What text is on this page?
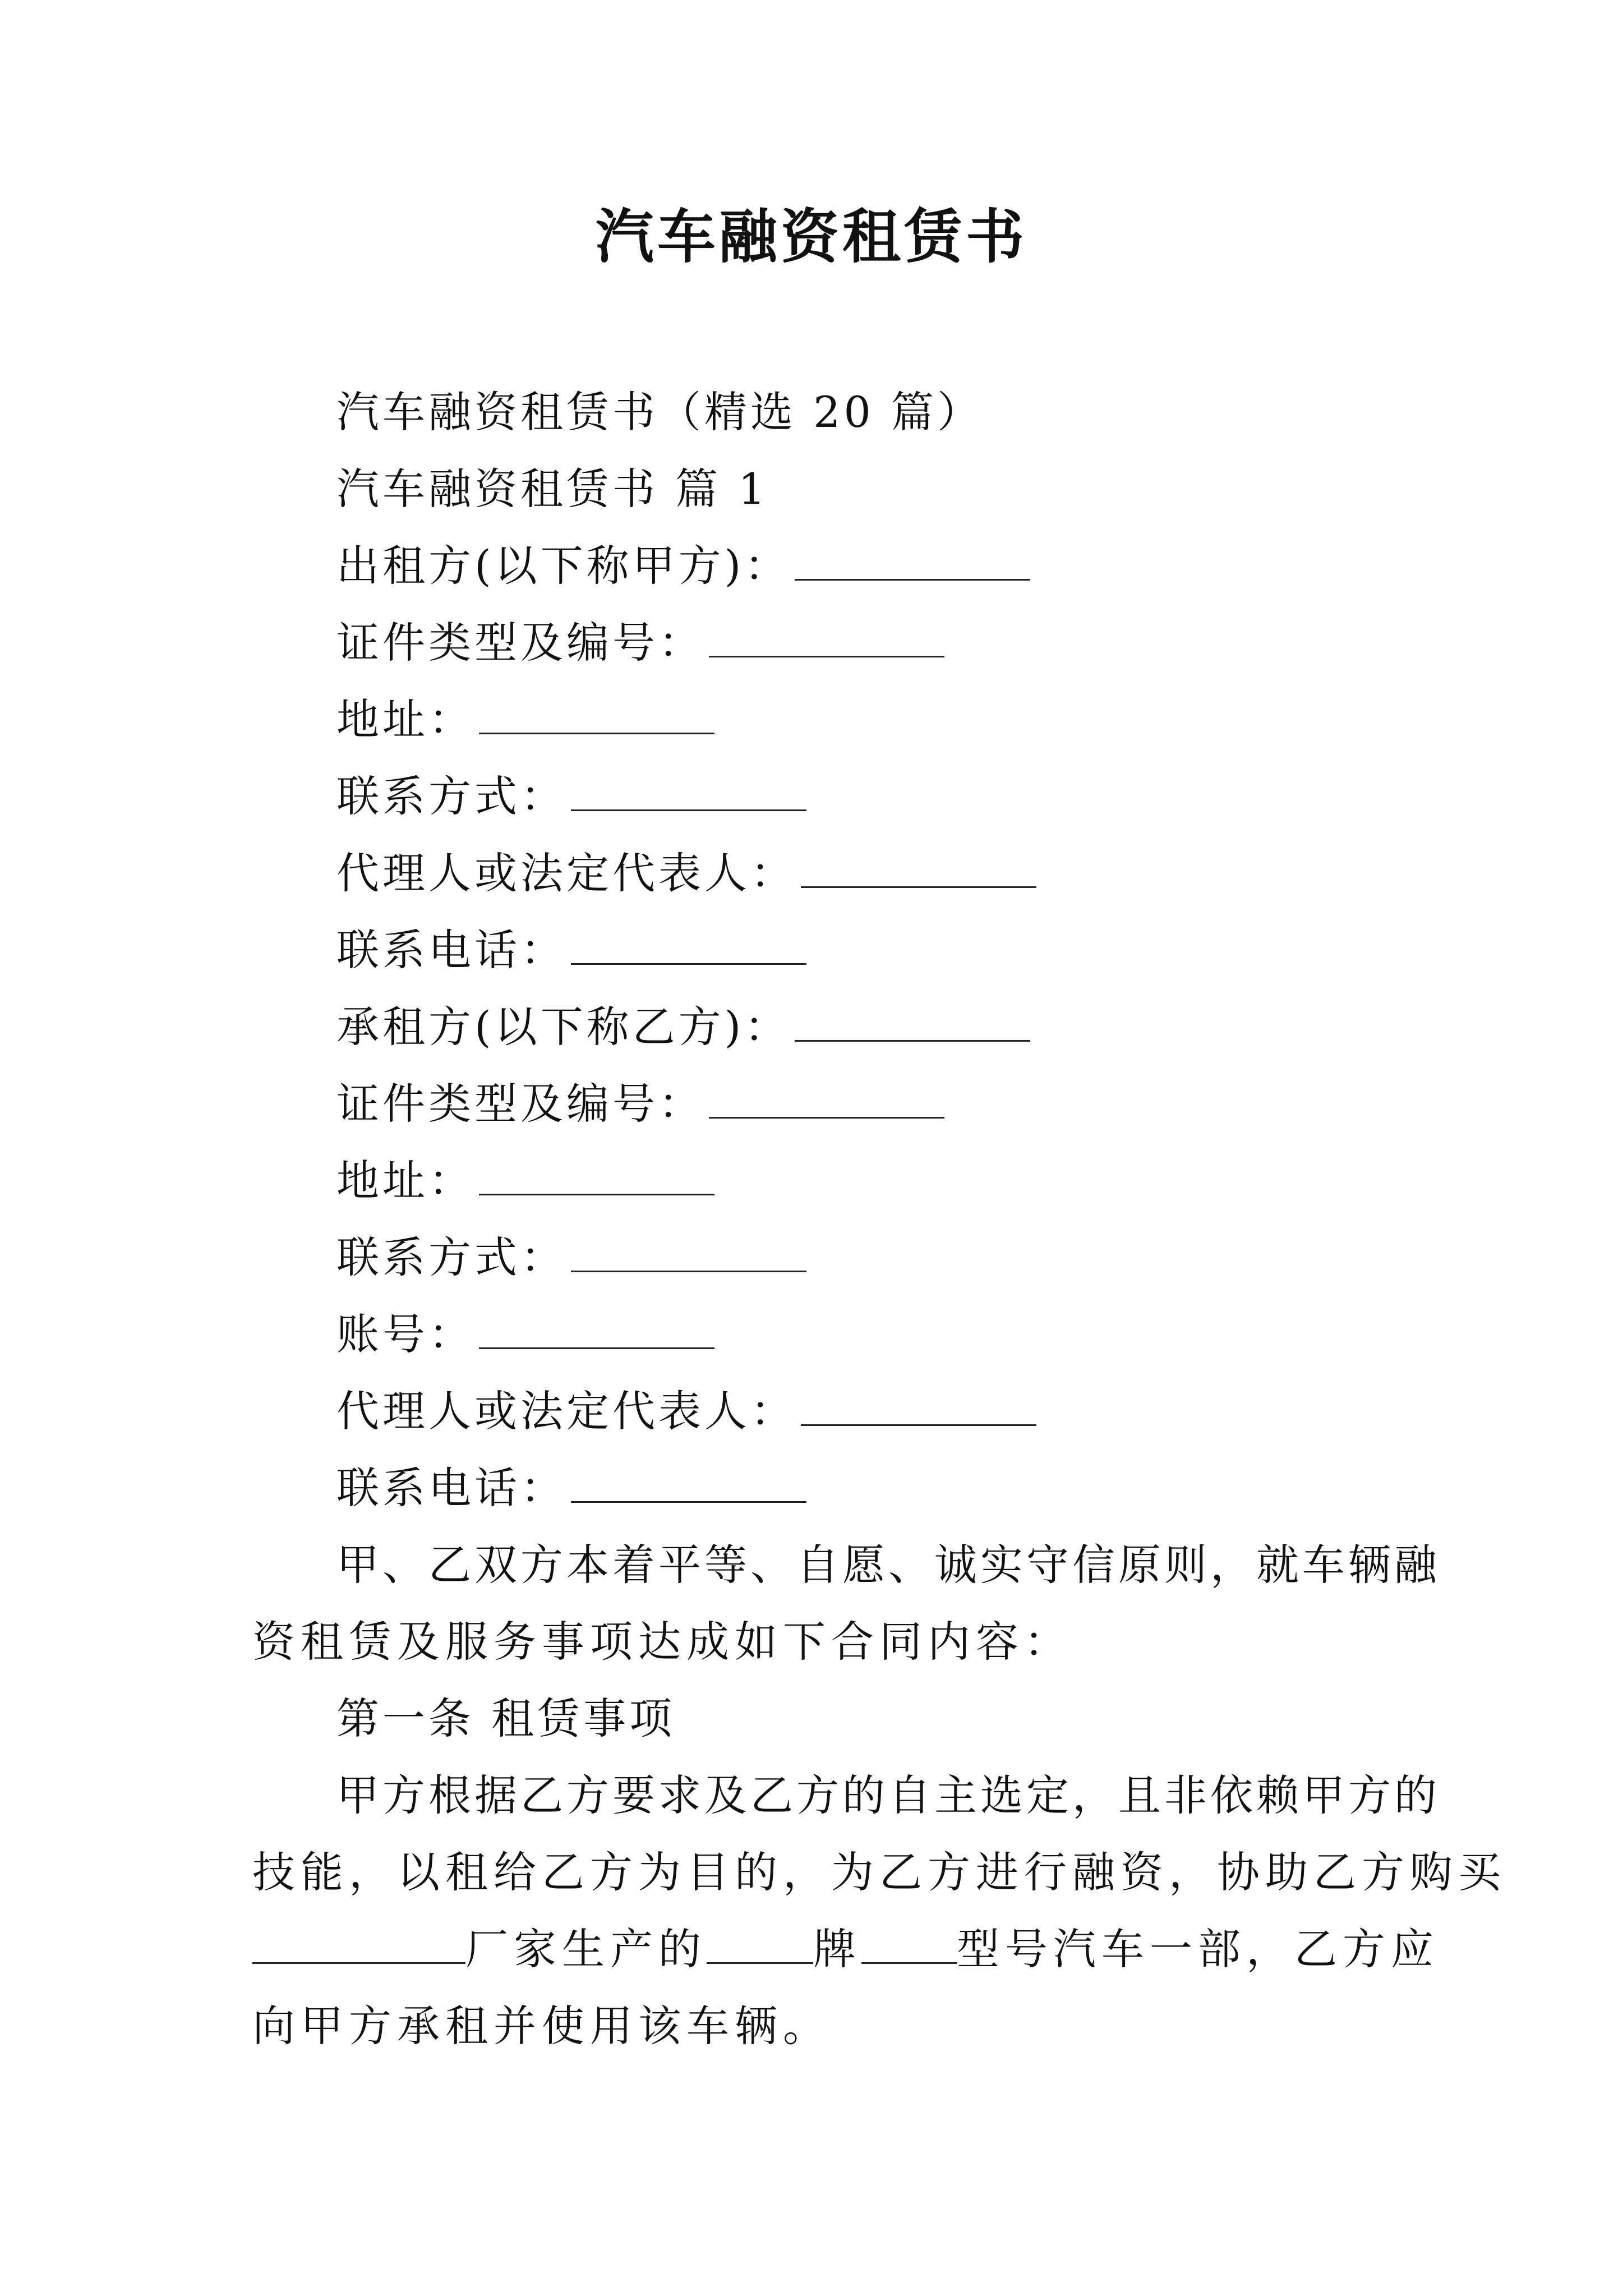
汽车融资租赁书
汽车融资租赁书（精选 20 篇）
汽车融资租赁书 篇 1
出租方(以下称甲方)：
证件类型及编号：
地址：
联系方式：
代理人或法定代表人：
联系电话：
承租方(以下称乙方)：
证件类型及编号：
地址：
联系方式：
账号：
代理人或法定代表人：
联系电话：
甲、乙双方本着平等、自愿、诚实守信原则，就车辆融
资租赁及服务事项达成如下合同内容：
第一条 租赁事项
甲方根据乙方要求及乙方的自主选定，且非依赖甲方的
技能，以租给乙方为目的，为乙方进行融资，协助乙方购买
厂家生产的	牌 型号汽车一部，乙方应
向甲方承租并使用该车辆。
